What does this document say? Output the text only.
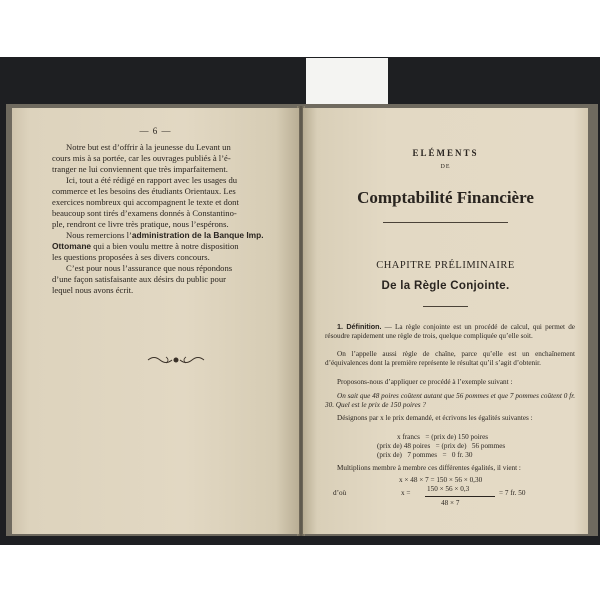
— 6 —

Notre but est d’offrir à la jeunesse du Levant un

cours mis à sa portée, car les ouvrages publiés à l’é-
tranger ne lui conviennent que très imparfaitement.

Ici, tout a été rédigé en rapport avec les usages du

commerce et les besoins des étudiants Orientaux. Les
exercices nombreux qui accompagnent le texte et dont
beaucoup sont tirés d’examens donnés à Constantino-
ple, rendront ce livre très pratique, nous l’espérons.

Nous remercions l’administration de la Banque Imp.

Ottomane qui a bien voulu mettre à notre disposition
les questions proposées à ses divers concours.

C’est pour nous l’assurance que nous répondons

d’une façon satisfaisante aux désirs du public pour
lequel nous avons écrit.
ELÉMENTS
DE
Comptabilité Financière
CHAPITRE PRÉLIMINAIRE
De la Règle Conjointe.

1. Définition. — La règle conjointe est un procédé de calcul, qui permet de résoudre rapidement une règle de trois, quelque compliquée qu’elle soit.

On l’appelle aussi règle de chaîne, parce qu’elle est un enchaînement d’équivalences dont la première représente le résultat qu’il s’agit d’obtenir.

Proposons-nous d’appliquer ce procédé à l’exemple suivant :

On sait que 48 poires coûtent autant que 56 pommes et que 7 pommes coûtent 0 fr. 30. Quel est le prix de 150 poires ?

Désignons par x le prix demandé, et écrivons les égalités suivantes :

x francs   = (prix de) 150 poires
(prix de) 48 poires   = (prix de)   56 pommes
(prix de)   7 pommes   =   0 fr. 30

Multiplions membre à membre ces différentes égalités, il vient :

x × 48 × 7 = 150 × 56 × 0,30
d’où	x = 150 × 56 × 0,3
48 × 7
= 7 fr. 50
